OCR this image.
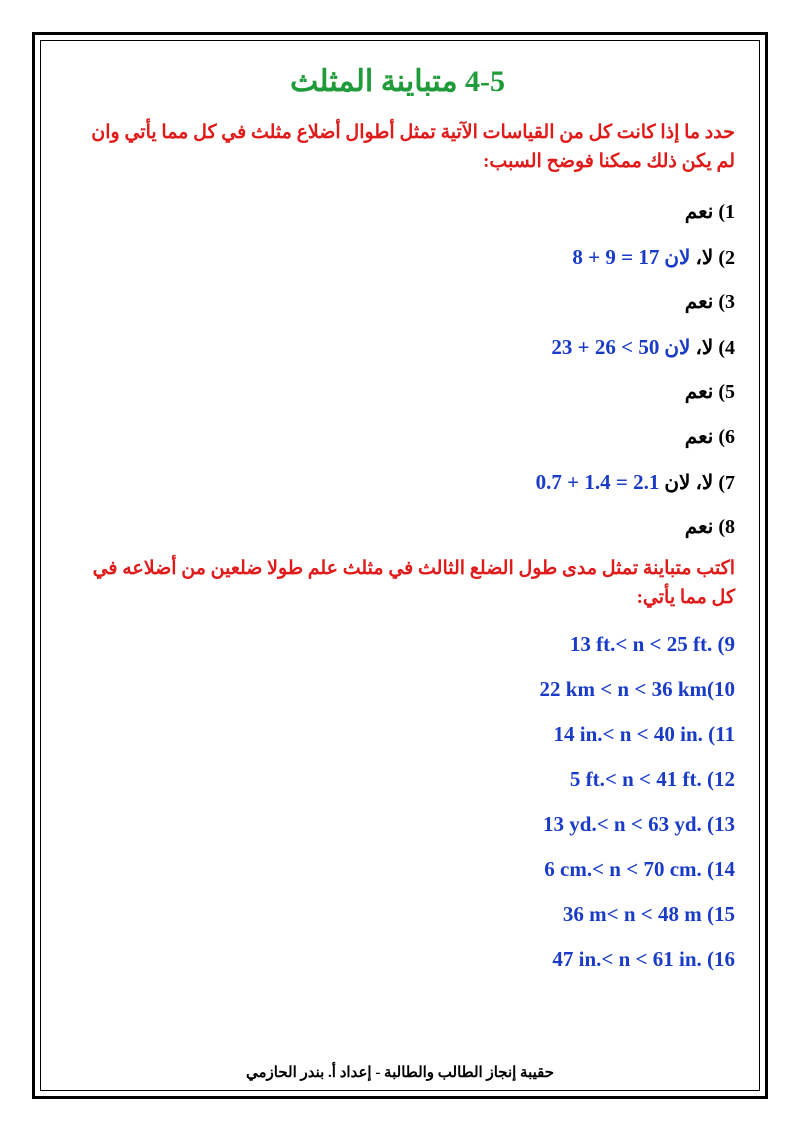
4-5 متباينة المثلث
حدد ما إذا كانت كل من القياسات الآتية تمثل أطوال أضلاع مثلث في كل مما يأتي وان لم يكن ذلك ممكنا فوضح السبب:
1) نعم
2) لا، لان 8 + 9 = 17
3) نعم
4) لا، لان 23 + 26 < 50
5) نعم
6) نعم
7) لا، لان 0.7 + 1.4 = 2.1
8) نعم
اكتب متباينة تمثل مدى طول الضلع الثالث في مثلث علم طولا ضلعين من أضلاعه في كل مما يأتي:
13 ft.< n < 25 ft. (9
22 km < n < 36 km(10
14 in.< n < 40 in. (11
5 ft.< n < 41 ft. (12
13 yd.< n < 63 yd. (13
6 cm.< n < 70 cm. (14
36 m< n < 48 m (15
47 in.< n < 61 in. (16
حقيبة إنجاز الطالب والطالبة - إعداد أ. بندر الحازمي
